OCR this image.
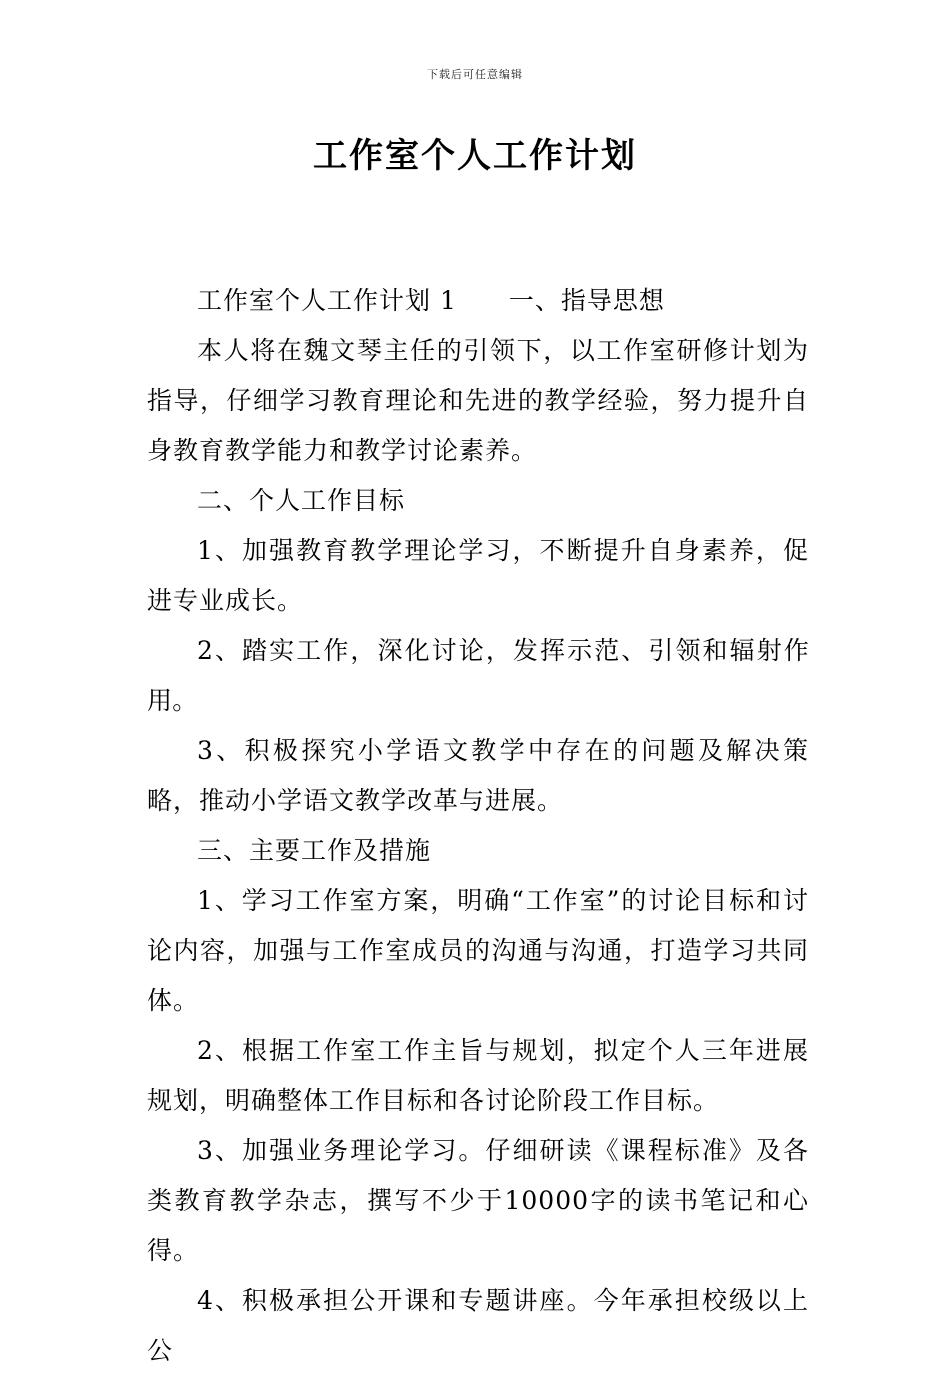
下载后可任意编辑
工作室个人工作计划

工作室个人工作计划 1 一、指导思想

本人将在魏文琴主任的引领下，以工作室研修计划为指导，仔细学习教育理论和先进的教学经验，努力提升自身教育教学能力和教学讨论素养。

二、个人工作目标

1、加强教育教学理论学习，不断提升自身素养，促进专业成长。

2、踏实工作，深化讨论，发挥示范、引领和辐射作用。

3、积极探究小学语文教学中存在的问题及解决策略，推动小学语文教学改革与进展。

三、主要工作及措施

1、学习工作室方案，明确“工作室”的讨论目标和讨论内容，加强与工作室成员的沟通与沟通，打造学习共同体。

2、根据工作室工作主旨与规划，拟定个人三年进展规划，明确整体工作目标和各讨论阶段工作目标。

3、加强业务理论学习。仔细研读《课程标准》及各类教育教学杂志，撰写不少于10000字的读书笔记和心得。

4、积极承担公开课和专题讲座。今年承担校级以上公
